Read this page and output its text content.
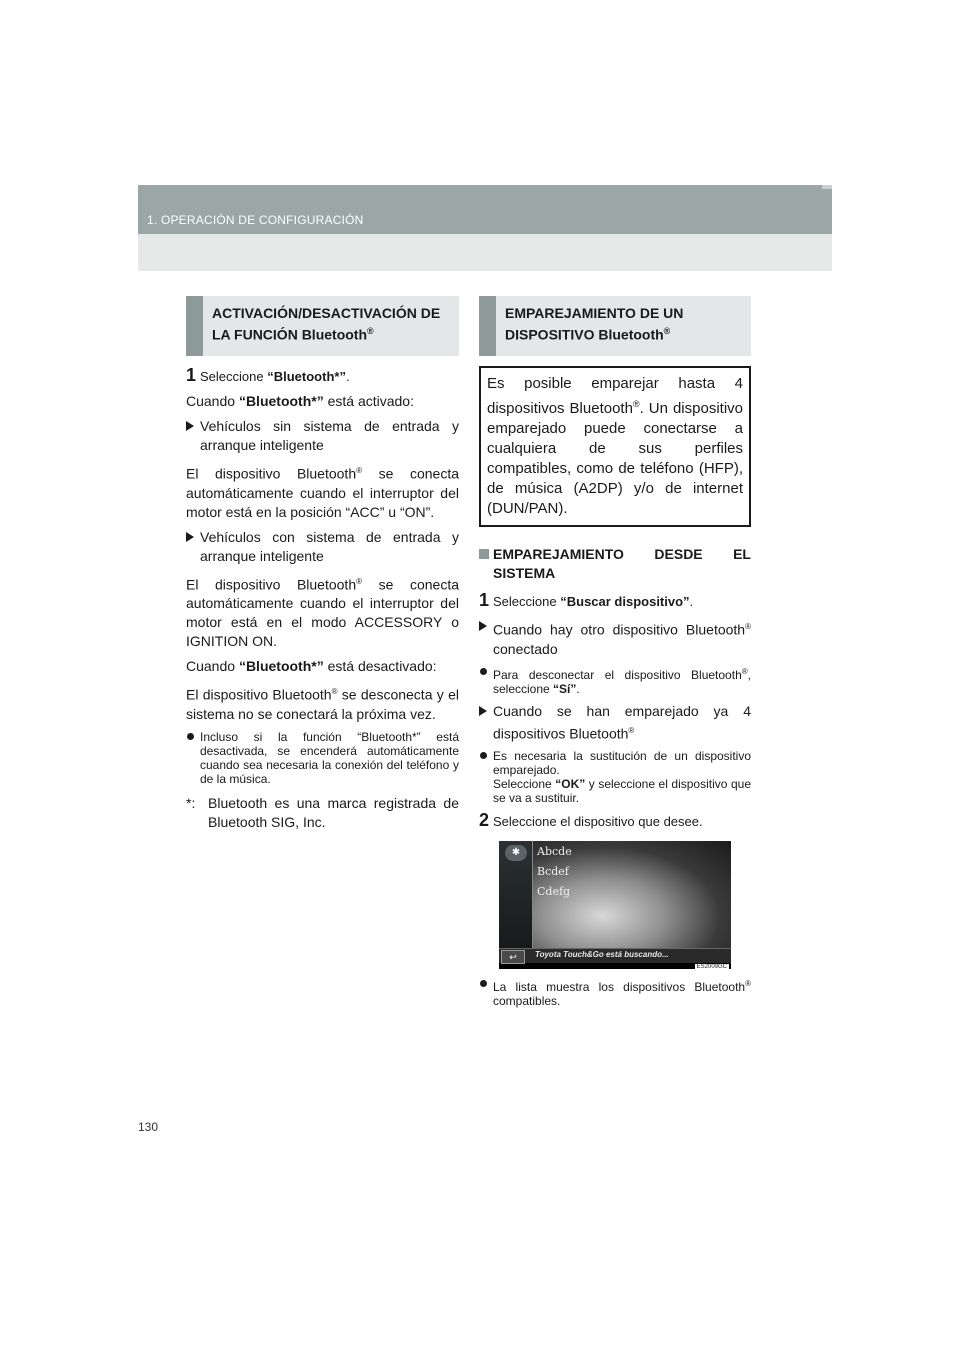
1. OPERACIÓN DE CONFIGURACIÓN
ACTIVACIÓN/DESACTIVACIÓN DE LA FUNCIÓN Bluetooth®

1 Seleccione “Bluetooth*”.

Cuando “Bluetooth*” está activado:

Vehículos sin sistema de entrada y arranque inteligente

El dispositivo Bluetooth® se conecta automáticamente cuando el interruptor del motor está en la posición “ACC” u “ON”.

Vehículos con sistema de entrada y arranque inteligente

El dispositivo Bluetooth® se conecta automáticamente cuando el interruptor del motor está en el modo ACCESSORY o IGNITION ON.

Cuando “Bluetooth*” está desactivado:

El dispositivo Bluetooth® se desconecta y el sistema no se conectará la próxima vez.

Incluso si la función “Bluetooth*” está desactivada, se encenderá automáticamente cuando sea necesaria la conexión del teléfono y de la música.

*: Bluetooth es una marca registrada de Bluetooth SIG, Inc.

EMPAREJAMIENTO DE UN DISPOSITIVO Bluetooth®
Es posible emparejar hasta 4 dispositivos Bluetooth®. Un dispositivo emparejado puede conectarse a cualquiera de sus perfiles compatibles, como de teléfono (HFP), de música (A2DP) y/o de internet (DUN/PAN).

EMPAREJAMIENTO DESDE EL SISTEMA

1 Seleccione “Buscar dispositivo”.

Cuando hay otro dispositivo Bluetooth® conectado

Para desconectar el dispositivo Bluetooth®, seleccione “Sí”.

Cuando se han emparejado ya 4 dispositivos Bluetooth®

Es necesaria la sustitución de un dispositivo emparejado.
Seleccione “OK” y seleccione el dispositivo que se va a sustituir.

2 Seleccione el dispositivo que desee.

✱	Abcde
Bcdef
Cdefg
↩	Toyota Touch&Go está buscando...
ES2009GC

La lista muestra los dispositivos Bluetooth® compatibles.

130
